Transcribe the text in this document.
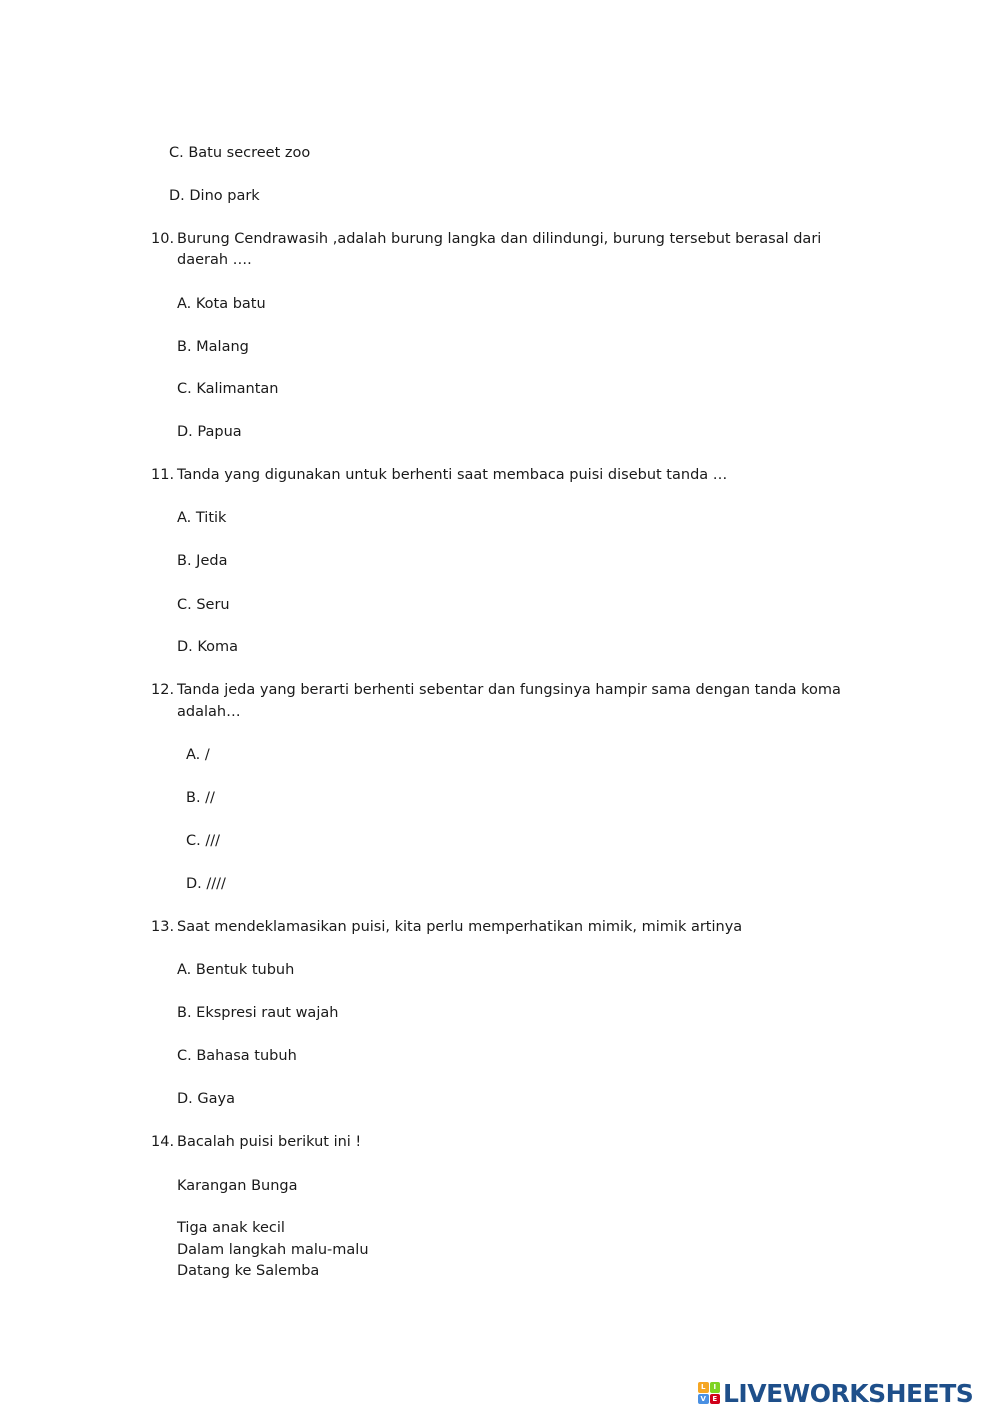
C. Batu secreet zoo
D. Dino park
10. Burung Cendrawasih ,adalah burung langka dan dilindungi, burung tersebut berasal dari
daerah ….
A. Kota batu
B. Malang
C. Kalimantan
D. Papua
11. Tanda yang digunakan untuk berhenti saat membaca puisi disebut tanda …
A. Titik
B. Jeda
C. Seru
D. Koma
12. Tanda jeda yang berarti berhenti sebentar dan fungsinya hampir sama dengan tanda koma
adalah…
A. /
B. //
C. ///
D. ////
13. Saat mendeklamasikan puisi, kita perlu memperhatikan mimik, mimik artinya
A. Bentuk tubuh
B. Ekspresi raut wajah
C. Bahasa tubuh
D. Gaya
14. Bacalah puisi berikut ini !
Karangan Bunga
Tiga anak kecil
Dalam langkah malu-malu
Datang ke Salemba
L	I
V E LIVEWORKSHEETS
